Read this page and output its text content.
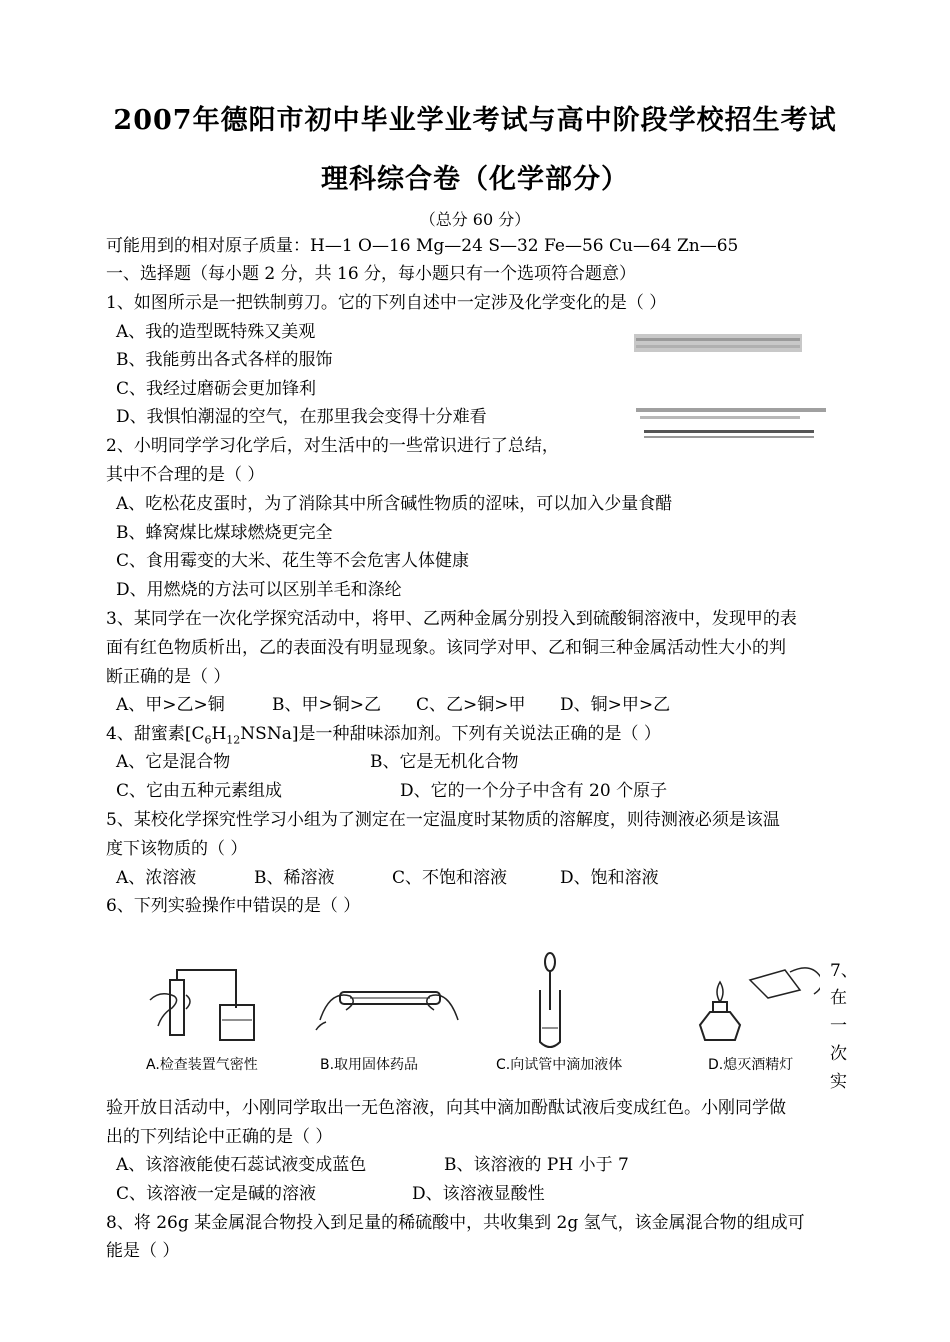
2007年德阳市初中毕业学业考试与高中阶段学校招生考试
理科综合卷（化学部分）
（总分 60 分）
可能用到的相对原子质量：H—1 O—16 Mg—24 S—32 Fe—56 Cu—64 Zn—65
一、选择题（每小题 2 分，共 16 分，每小题只有一个选项符合题意）
1、如图所示是一把铁制剪刀。它的下列自述中一定涉及化学变化的是（ ）
A、我的造型既特殊又美观
B、我能剪出各式各样的服饰
C、我经过磨砺会更加锋利
D、我惧怕潮湿的空气，在那里我会变得十分难看
2、小明同学学习化学后，对生活中的一些常识进行了总结，
其中不合理的是（ ）
A、吃松花皮蛋时，为了消除其中所含碱性物质的涩味，可以加入少量食醋
B、蜂窝煤比煤球燃烧更完全
C、食用霉变的大米、花生等不会危害人体健康
D、用燃烧的方法可以区别羊毛和涤纶
3、某同学在一次化学探究活动中，将甲、乙两种金属分别投入到硫酸铜溶液中，发现甲的表
面有红色物质析出，乙的表面没有明显现象。该同学对甲、乙和铜三种金属活动性大小的判
断正确的是（ ）
A、甲>乙>铜	B、甲>铜>乙 C、乙>铜>甲 D、铜>甲>乙
4、甜蜜素$[C_6H_{12}NSNa]$是一种甜味添加剂。下列有关说法正确的是（ ）
A、它是混合物	B、它是无机化合物
C、它由五种元素组成	D、它的一个分子中含有 20 个原子
5、某校化学探究性学习小组为了测定在一定温度时某物质的溶解度，则待测液必须是该温
度下该物质的（ ）
A、浓溶液	B、稀溶液	C、不饱和溶液	D、饱和溶液
6、下列实验操作中错误的是（ ）
A.检查装置气密性	B.取用固体药品	C.向试管中滴加液体	D.熄灭酒精灯
7、
在
一
次
实
验开放日活动中，小刚同学取出一无色溶液，向其中滴加酚酞试液后变成红色。小刚同学做
出的下列结论中正确的是（ ）
A、该溶液能使石蕊试液变成蓝色	B、该溶液的 PH 小于 7
C、该溶液一定是碱的溶液	D、该溶液显酸性
8、将 26g 某金属混合物投入到足量的稀硫酸中，共收集到 2g 氢气，该金属混合物的组成可
能是（ ）
